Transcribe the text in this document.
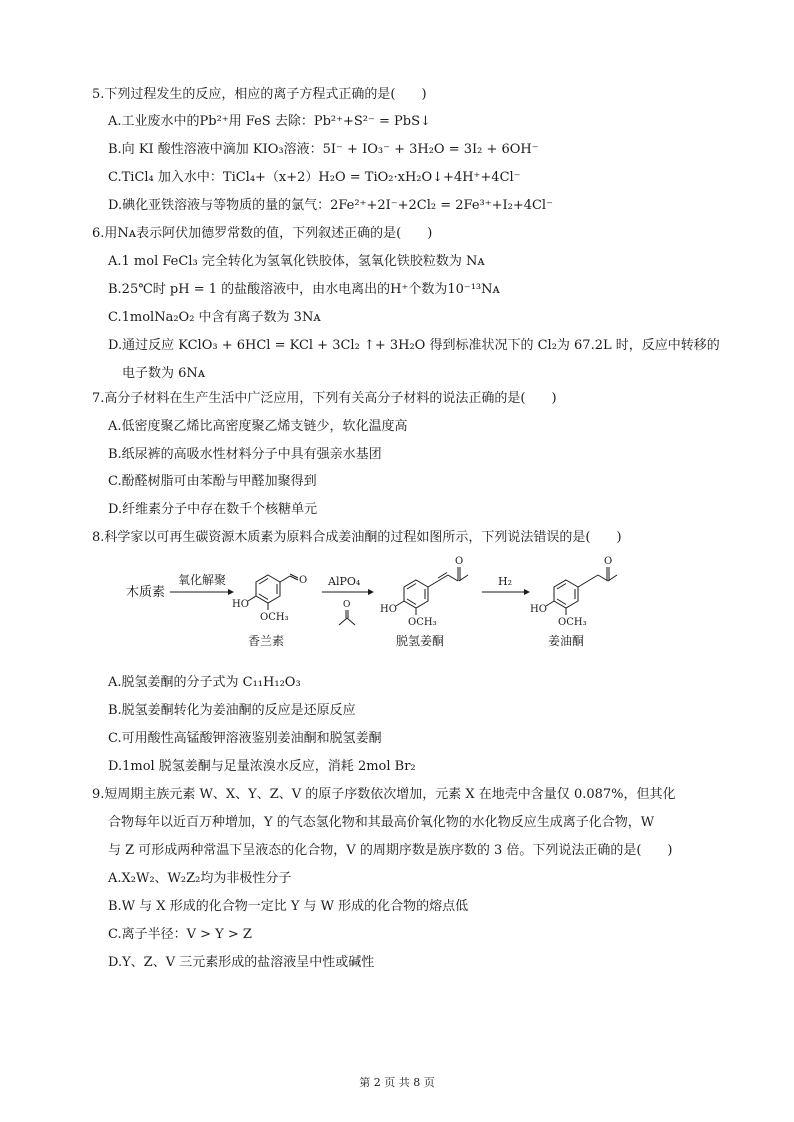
5.下列过程发生的反应，相应的离子方程式正确的是(　　)
A.工业废水中的Pb²⁺用 FeS 去除：Pb²⁺+S²⁻ = PbS↓
B.向 KI 酸性溶液中滴加 KIO₃溶液：5I⁻ + IO₃⁻ + 3H₂O = 3I₂ + 6OH⁻
C.TiCl₄ 加入水中：TiCl₄+（x+2）H₂O = TiO₂·xH₂O↓+4H⁺+4Cl⁻
D.碘化亚铁溶液与等物质的量的氯气：2Fe²⁺+2I⁻+2Cl₂ = 2Fe³⁺+I₂+4Cl⁻
6.用Nᴀ表示阿伏加德罗常数的值，下列叙述正确的是(　　)
A.1 mol FeCl₃ 完全转化为氢氧化铁胶体，氢氧化铁胶粒数为 Nᴀ
B.25℃时 pH = 1 的盐酸溶液中，由水电离出的H⁺个数为10⁻¹³Nᴀ
C.1molNa₂O₂ 中含有离子数为 3Nᴀ
D.通过反应 KClO₃ + 6HCl = KCl + 3Cl₂ ↑+ 3H₂O 得到标准状况下的 Cl₂为 67.2L 时，反应中转移的
电子数为 6Nᴀ
7.高分子材料在生产生活中广泛应用，下列有关高分子材料的说法正确的是(　　)
A.低密度聚乙烯比高密度聚乙烯支链少，软化温度高
B.纸尿裤的高吸水性材料分子中具有强亲水基团
C.酚醛树脂可由苯酚与甲醛加聚得到
D.纤维素分子中存在数千个核糖单元
8.科学家以可再生碳资源木质素为原料合成姜油酮的过程如图所示，下列说法错误的是(　　)
木质素
氧化解聚	O
HO
OCH₃
香兰素
AlPO₄
O
O
HO
OCH₃
脱氢姜酮
H₂
O
HO
OCH₃
姜油酮
A.脱氢姜酮的分子式为 C₁₁H₁₂O₃
B.脱氢姜酮转化为姜油酮的反应是还原反应
C.可用酸性高锰酸钾溶液鉴别姜油酮和脱氢姜酮
D.1mol 脱氢姜酮与足量浓溴水反应，消耗 2mol Br₂
9.短周期主族元素 W、X、Y、Z、V 的原子序数依次增加，元素 X 在地壳中含量仅 0.087%，但其化
合物每年以近百万种增加，Y 的气态氢化物和其最高价氧化物的水化物反应生成离子化合物，W
与 Z 可形成两种常温下呈液态的化合物，V 的周期序数是族序数的 3 倍。下列说法正确的是(　　)
A.X₂W₂、W₂Z₂均为非极性分子
B.W 与 X 形成的化合物一定比 Y 与 W 形成的化合物的熔点低
C.离子半径：V > Y > Z
D.Y、Z、V 三元素形成的盐溶液呈中性或碱性
第 2 页 共 8 页
